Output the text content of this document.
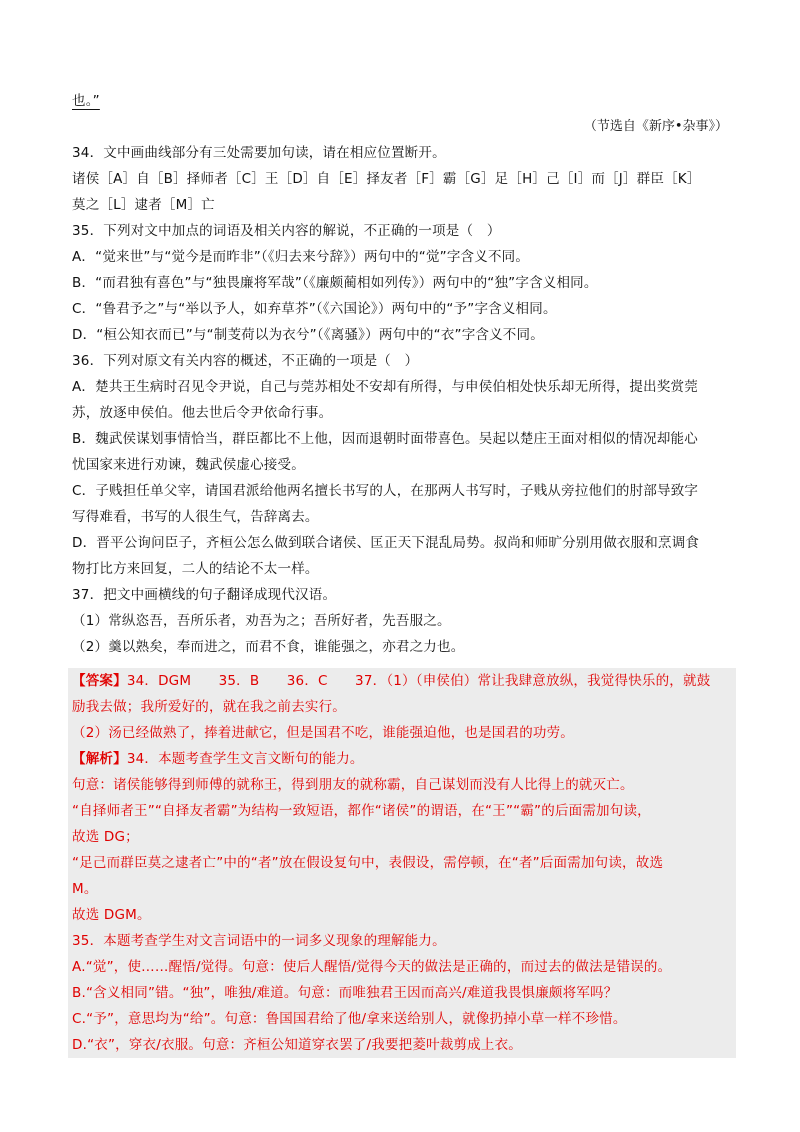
也。”
（节选自《新序•杂事》）
34．文中画曲线部分有三处需要加句读，请在相应位置断开。
诸侯［A］自［B］择师者［C］王［D］自［E］择友者［F］霸［G］足［H］己［I］而［J］群臣［K］
莫之［L］逮者［M］亡
35．下列对文中加点的词语及相关内容的解说，不正确的一项是（　）
A．“觉来世”与“觉今是而昨非”（《归去来兮辞》）两句中的“觉”字含义不同。
B．“而君独有喜色”与“独畏廉将军哉”（《廉颇蔺相如列传》）两句中的“独”字含义相同。
C．“鲁君予之”与“举以予人，如弃草芥”（《六国论》）两句中的“予”字含义相同。
D．“桓公知衣而已”与“制芰荷以为衣兮”（《离骚》）两句中的“衣”字含义不同。
36．下列对原文有关内容的概述，不正确的一项是（　）
A．楚共王生病时召见令尹说，自己与莞苏相处不安却有所得，与申侯伯相处快乐却无所得，提出奖赏莞
苏，放逐申侯伯。他去世后令尹依命行事。
B．魏武侯谋划事情恰当，群臣都比不上他，因而退朝时面带喜色。吴起以楚庄王面对相似的情况却能心
忧国家来进行劝谏，魏武侯虚心接受。
C．子贱担任单父宰，请国君派给他两名擅长书写的人，在那两人书写时，子贱从旁拉他们的肘部导致字
写得难看，书写的人很生气，告辞离去。
D．晋平公询问臣子，齐桓公怎么做到联合诸侯、匡正天下混乱局势。叔尚和师旷分别用做衣服和烹调食
物打比方来回复，二人的结论不太一样。
37．把文中画横线的句子翻译成现代汉语。
（1）常纵恣吾，吾所乐者，劝吾为之；吾所好者，先吾服之。
（2）羹以熟矣，奉而进之，而君不食，谁能强之，亦君之力也。
【答案】34．DGM　　35．B　　36．C　　37．（1）（申侯伯）常让我肆意放纵，我觉得快乐的，就鼓
励我去做；我所爱好的，就在我之前去实行。
（2）汤已经做熟了，捧着进献它，但是国君不吃，谁能强迫他，也是国君的功劳。
【解析】34．本题考查学生文言文断句的能力。
句意：诸侯能够得到师傅的就称王，得到朋友的就称霸，自己谋划而没有人比得上的就灭亡。
“自择师者王”“自择友者霸”为结构一致短语，都作“诸侯”的谓语，在“王”“霸”的后面需加句读，
故选 DG；
“足己而群臣莫之逮者亡”中的“者”放在假设复句中，表假设，需停顿，在“者”后面需加句读，故选
M。
故选 DGM。
35．本题考查学生对文言词语中的一词多义现象的理解能力。
A.“觉”，使……醒悟/觉得。句意：使后人醒悟/觉得今天的做法是正确的，而过去的做法是错误的。
B.“含义相同”错。“独”，唯独/难道。句意：而唯独君王因而高兴/难道我畏惧廉颇将军吗？
C.“予”，意思均为“给”。句意：鲁国国君给了他/拿来送给别人，就像扔掉小草一样不珍惜。
D.“衣”，穿衣/衣服。句意：齐桓公知道穿衣罢了/我要把菱叶裁剪成上衣。
